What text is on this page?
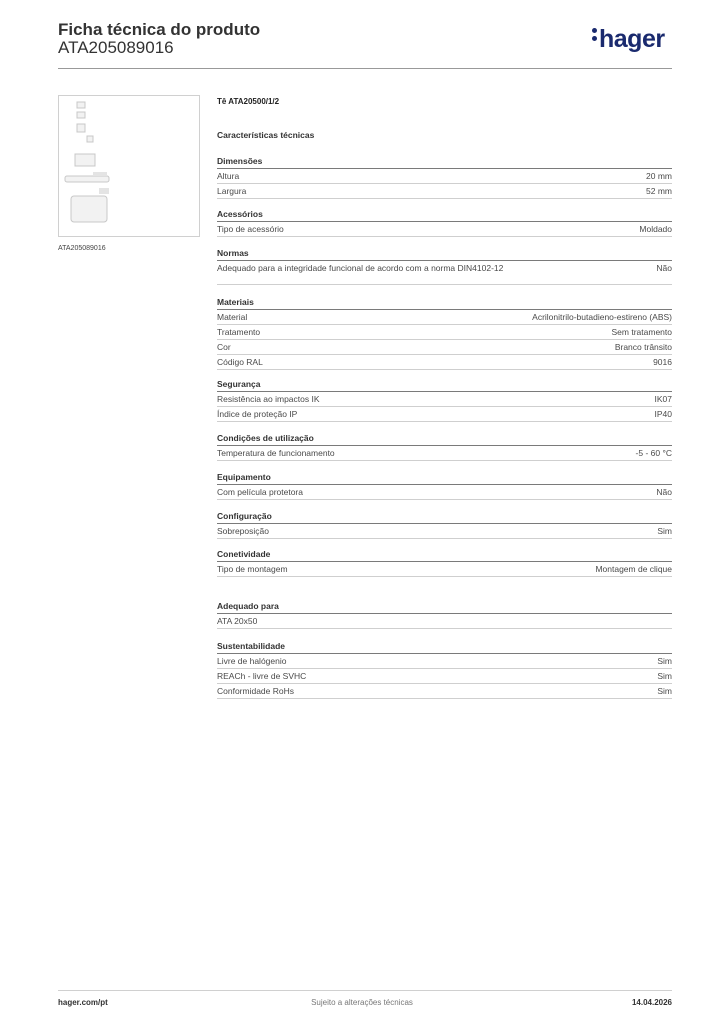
Ficha técnica do produto
ATA205089016	hager
ATA205089016
Tê ATA20500/1/2
Características técnicas
Dimensões
Altura	20 mm
Largura	52 mm
Acessórios
Tipo de acessório	Moldado
Normas
Adequado para a integridade funcional de acordo com a norma DIN4102-12	Não
Materiais
Material	Acrilonitrilo-butadieno-estireno (ABS)
Tratamento	Sem tratamento
Cor	Branco trânsito
Código RAL	9016
Segurança
Resistência ao impactos IK	IK07
Índice de proteção IP	IP40
Condições de utilização
Temperatura de funcionamento	-5 - 60 °C
Equipamento
Com película protetora	Não
Configuração
Sobreposição	Sim
Conetividade
Tipo de montagem	Montagem de clique
Adequado para
ATA 20x50
Sustentabilidade
Livre de halógenio	Sim
REACh - livre de SVHC	Sim
Conformidade RoHs	Sim
hager.com/pt	Sujeito a alterações técnicas	14.04.2026
